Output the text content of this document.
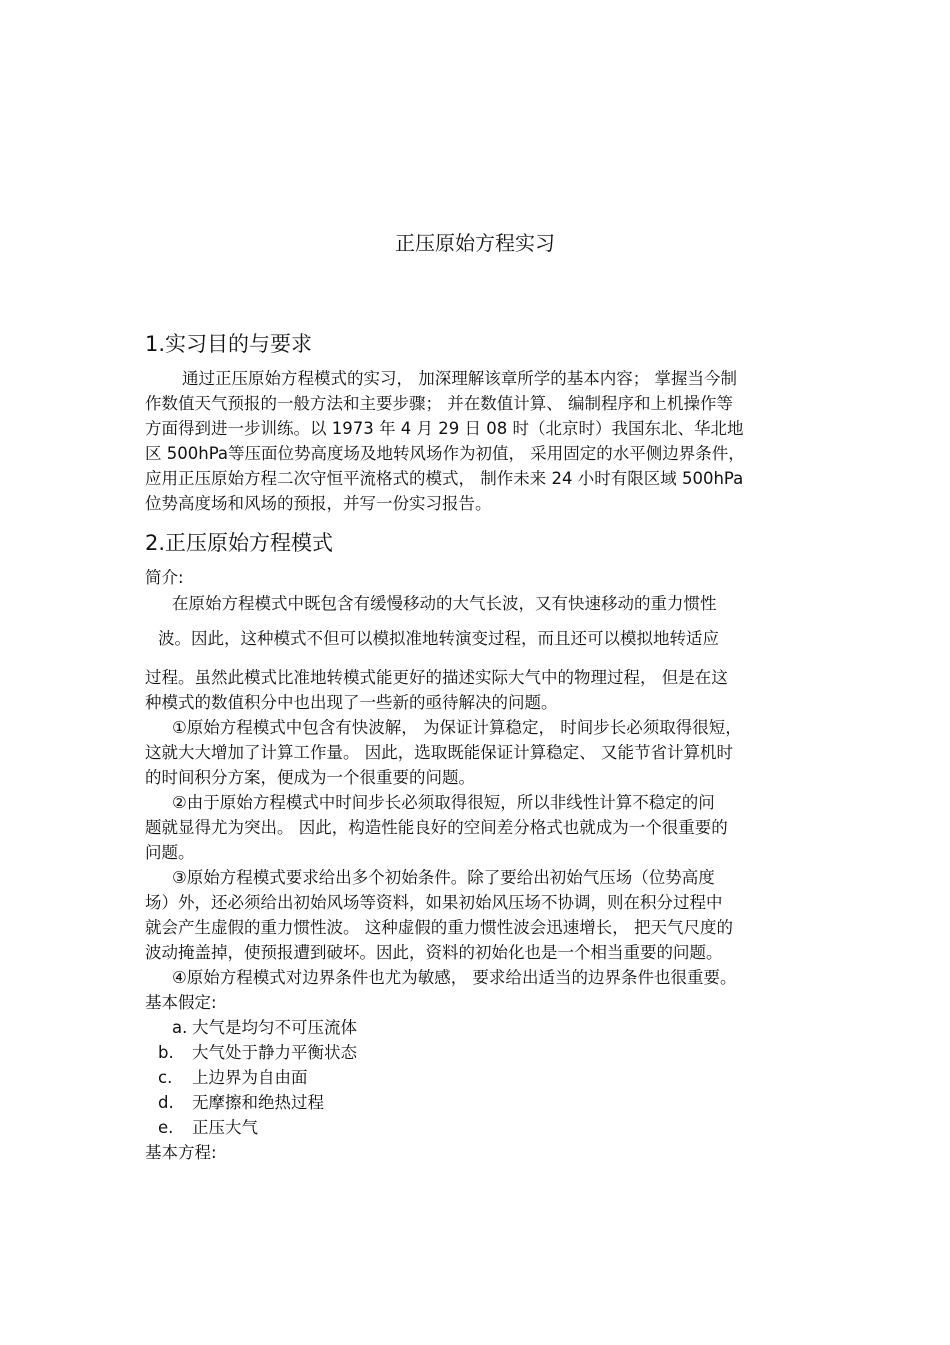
正压原始方程实习
1.实习目的与要求
通过正压原始方程模式的实习， 加深理解该章所学的基本内容； 掌握当今制
作数值天气预报的一般方法和主要步骤； 并在数值计算、 编制程序和上机操作等
方面得到进一步训练。以 1973 年 4 月 29 日 08 时（北京时）我国东北、华北地
区 500hPa等压面位势高度场及地转风场作为初值， 采用固定的水平侧边界条件，
应用正压原始方程二次守恒平流格式的模式， 制作未来 24 小时有限区域 500hPa
位势高度场和风场的预报，并写一份实习报告。
2.正压原始方程模式
简介:
在原始方程模式中既包含有缓慢移动的大气长波，又有快速移动的重力惯性
波。因此，这种模式不但可以模拟准地转演变过程，而且还可以模拟地转适应
过程。虽然此模式比准地转模式能更好的描述实际大气中的物理过程， 但是在这
种模式的数值积分中也出现了一些新的亟待解决的问题。
①原始方程模式中包含有快波解， 为保证计算稳定， 时间步长必须取得很短，
这就大大增加了计算工作量。 因此，选取既能保证计算稳定、 又能节省计算机时
的时间积分方案，便成为一个很重要的问题。
②由于原始方程模式中时间步长必须取得很短，所以非线性计算不稳定的问
题就显得尤为突出。 因此，构造性能良好的空间差分格式也就成为一个很重要的
问题。
③原始方程模式要求给出多个初始条件。除了要给出初始气压场（位势高度
场）外，还必须给出初始风场等资料，如果初始风压场不协调，则在积分过程中
就会产生虚假的重力惯性波。 这种虚假的重力惯性波会迅速增长， 把天气尺度的
波动掩盖掉，使预报遭到破坏。因此，资料的初始化也是一个相当重要的问题。
④原始方程模式对边界条件也尤为敏感， 要求给出适当的边界条件也很重要。
基本假定:
a. 大气是均匀不可压流体
b. 大气处于静力平衡状态
c. 上边界为自由面
d. 无摩擦和绝热过程
e. 正压大气
基本方程:
